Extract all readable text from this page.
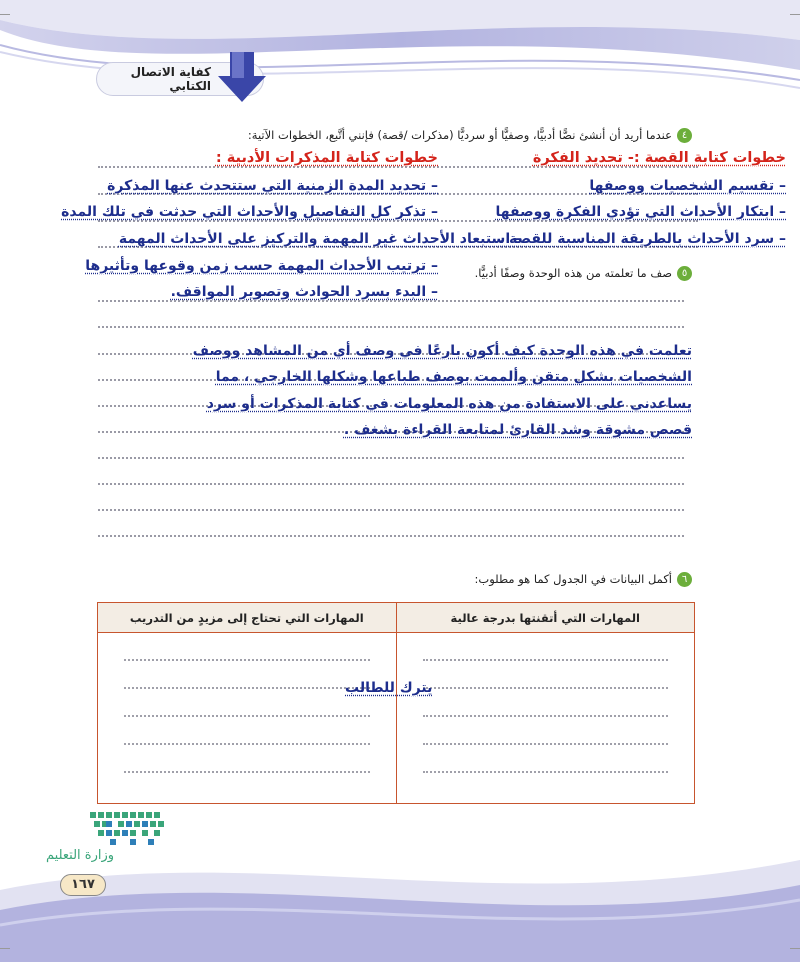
كفاية الاتصال الكتابي
٤عندما أريد أن أنشئ نصًّا أدبيًّا، وصفيًّا أو سرديًّا (مذكرات /قصة) فإنني أتَّبع، الخطوات الآتية:
خطوات كتابة القصة :- تحديد الفكرة
خطوات كتابة المذكرات الأدبية :
– تقسيم الشخصيات ووصفها
– ابتكار الأحداث التي تؤدي الفكرة ووصفها
– سرد الأحداث بالطريقة المناسبة للقصة .
– تحديد المدة الزمنية التي ستتحدث عنها المذكرة
– تذكر كل التفاصيل والأحداث التي حدثت في تلك المدة
– استبعاد الأحداث غير المهمة والتركيز على الأحداث المهمة
– ترتيب الأحداث المهمة حسب زمن وقوعها وتأثيرها
– البدء بسرد الحوادث وتصوير المواقف.
٥صف ما تعلمته من هذه الوحدة وصفًا أدبيًّا.
تعلمت في هذه الوحدة كيف أكون بارعًا في وصف أي من المشاهد ووصف
الشخصيات بشكل متقن وألممت بوصف طباعها وشكلها الخارجي ، مما
يساعدني على الاستفادة من هذه المعلومات في كتابة المذكرات أو سرد
قصص مشوقة وشد القارئ لمتابعة القراءة بشغف .
٦أكمل البيانات في الجدول كما هو مطلوب:
المهارات التي أتقنتها بدرجة عالية
المهارات التي تحتاج إلى مزيدٍ من التدريب
يترك للطالب
وزارة التعليم
١٦٧
